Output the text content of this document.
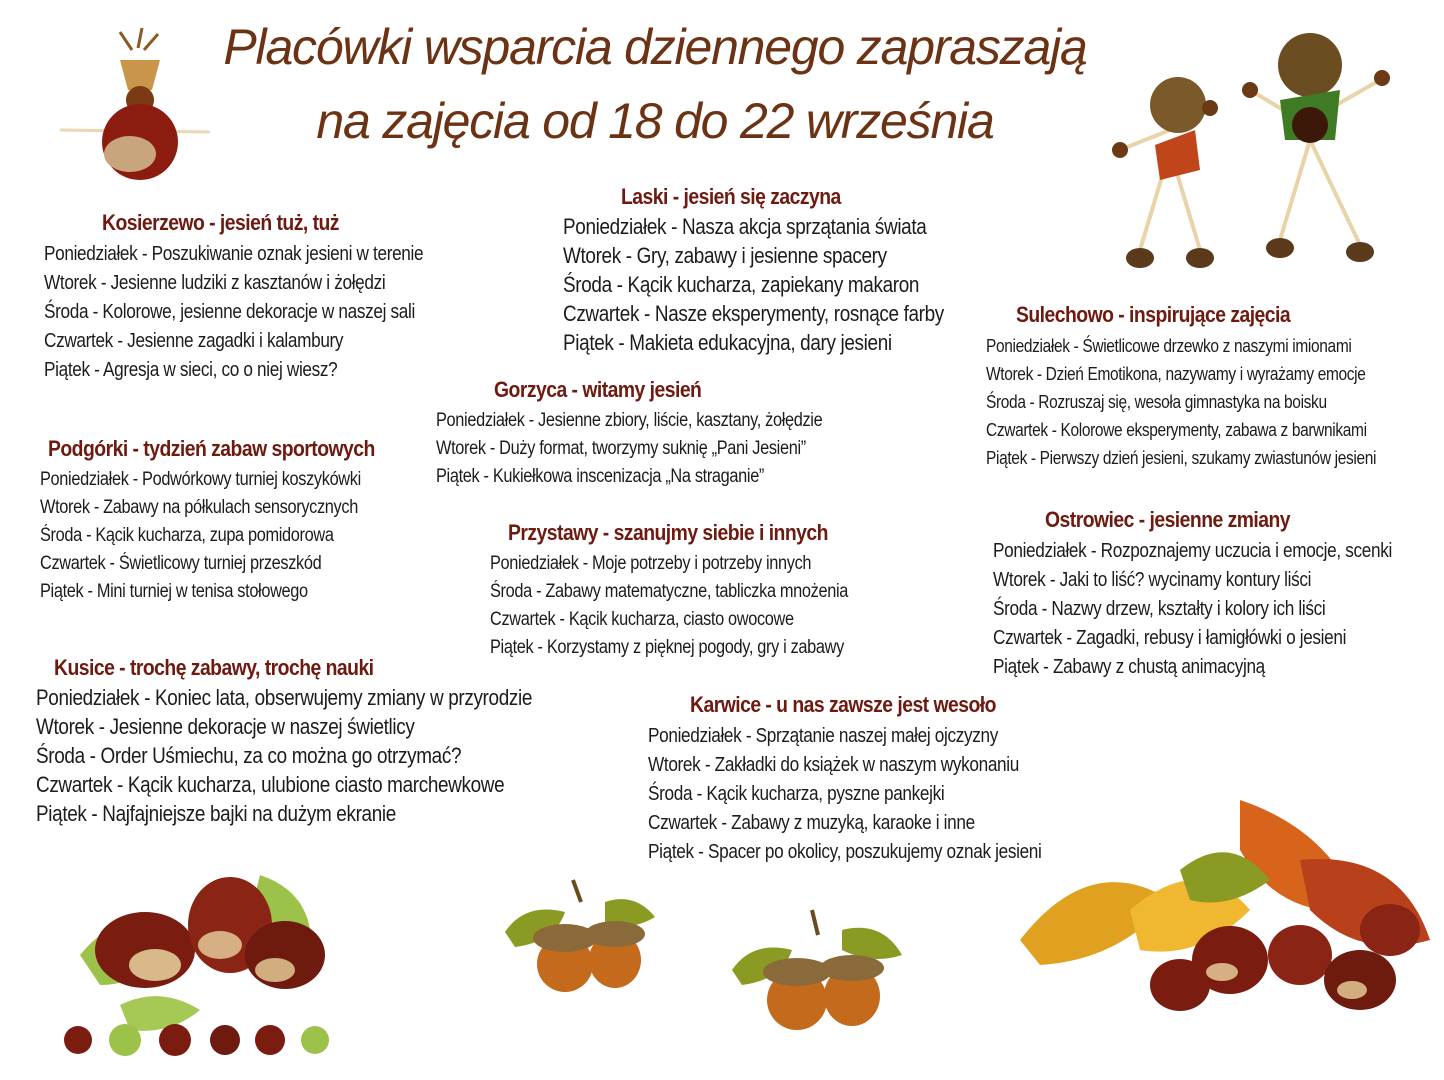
Placówki wsparcia dziennego zapraszają
na zajęcia od 18 do 22 września
Kosierzewo - jesień tuż, tuż
Poniedziałek - Poszukiwanie oznak jesieni w terenie
Wtorek - Jesienne ludziki z kasztanów i żołędzi
Środa - Kolorowe, jesienne dekoracje w naszej sali
Czwartek - Jesienne zagadki i kalambury
Piątek - Agresja w sieci, co o niej wiesz?
Laski - jesień się zaczyna
Poniedziałek - Nasza akcja sprzątania świata
Wtorek - Gry, zabawy i jesienne spacery
Środa - Kącik kucharza, zapiekany makaron
Czwartek - Nasze eksperymenty, rosnące farby
Piątek - Makieta edukacyjna, dary jesieni
Sulechowo - inspirujące zajęcia
Poniedziałek - Świetlicowe drzewko z naszymi imionami
Wtorek - Dzień Emotikona, nazywamy i wyrażamy emocje
Środa - Rozruszaj się, wesoła gimnastyka na boisku
Czwartek - Kolorowe eksperymenty, zabawa z barwnikami
Piątek - Pierwszy dzień jesieni, szukamy zwiastunów jesieni
Gorzyca - witamy jesień
Poniedziałek - Jesienne zbiory, liście, kasztany, żołędzie
Wtorek - Duży format, tworzymy suknię „Pani Jesieni”
Piątek - Kukiełkowa inscenizacja „Na straganie”
Podgórki - tydzień zabaw sportowych
Poniedziałek - Podwórkowy turniej koszykówki
Wtorek - Zabawy na półkulach sensorycznych
Środa - Kącik kucharza, zupa pomidorowa
Czwartek - Świetlicowy turniej przeszkód
Piątek - Mini turniej w tenisa stołowego
Przystawy - szanujmy siebie i innych
Poniedziałek - Moje potrzeby i potrzeby innych
Środa - Zabawy matematyczne, tabliczka mnożenia
Czwartek - Kącik kucharza, ciasto owocowe
Piątek - Korzystamy z pięknej pogody, gry i zabawy
Ostrowiec - jesienne zmiany
Poniedziałek - Rozpoznajemy uczucia i emocje, scenki
Wtorek - Jaki to liść? wycinamy kontury liści
Środa - Nazwy drzew, kształty i kolory ich liści
Czwartek - Zagadki, rebusy i łamigłówki o jesieni
Piątek - Zabawy z chustą animacyjną
Kusice - trochę zabawy, trochę nauki
Poniedziałek - Koniec lata, obserwujemy zmiany w przyrodzie
Wtorek - Jesienne dekoracje w naszej świetlicy
Środa - Order Uśmiechu, za co można go otrzymać?
Czwartek - Kącik kucharza, ulubione ciasto marchewkowe
Piątek - Najfajniejsze bajki na dużym ekranie
Karwice - u nas zawsze jest wesoło
Poniedziałek - Sprzątanie naszej małej ojczyzny
Wtorek - Zakładki do książek w naszym wykonaniu
Środa - Kącik kucharza, pyszne pankejki
Czwartek - Zabawy z muzyką, karaoke i inne
Piątek - Spacer po okolicy, poszukujemy oznak jesieni
